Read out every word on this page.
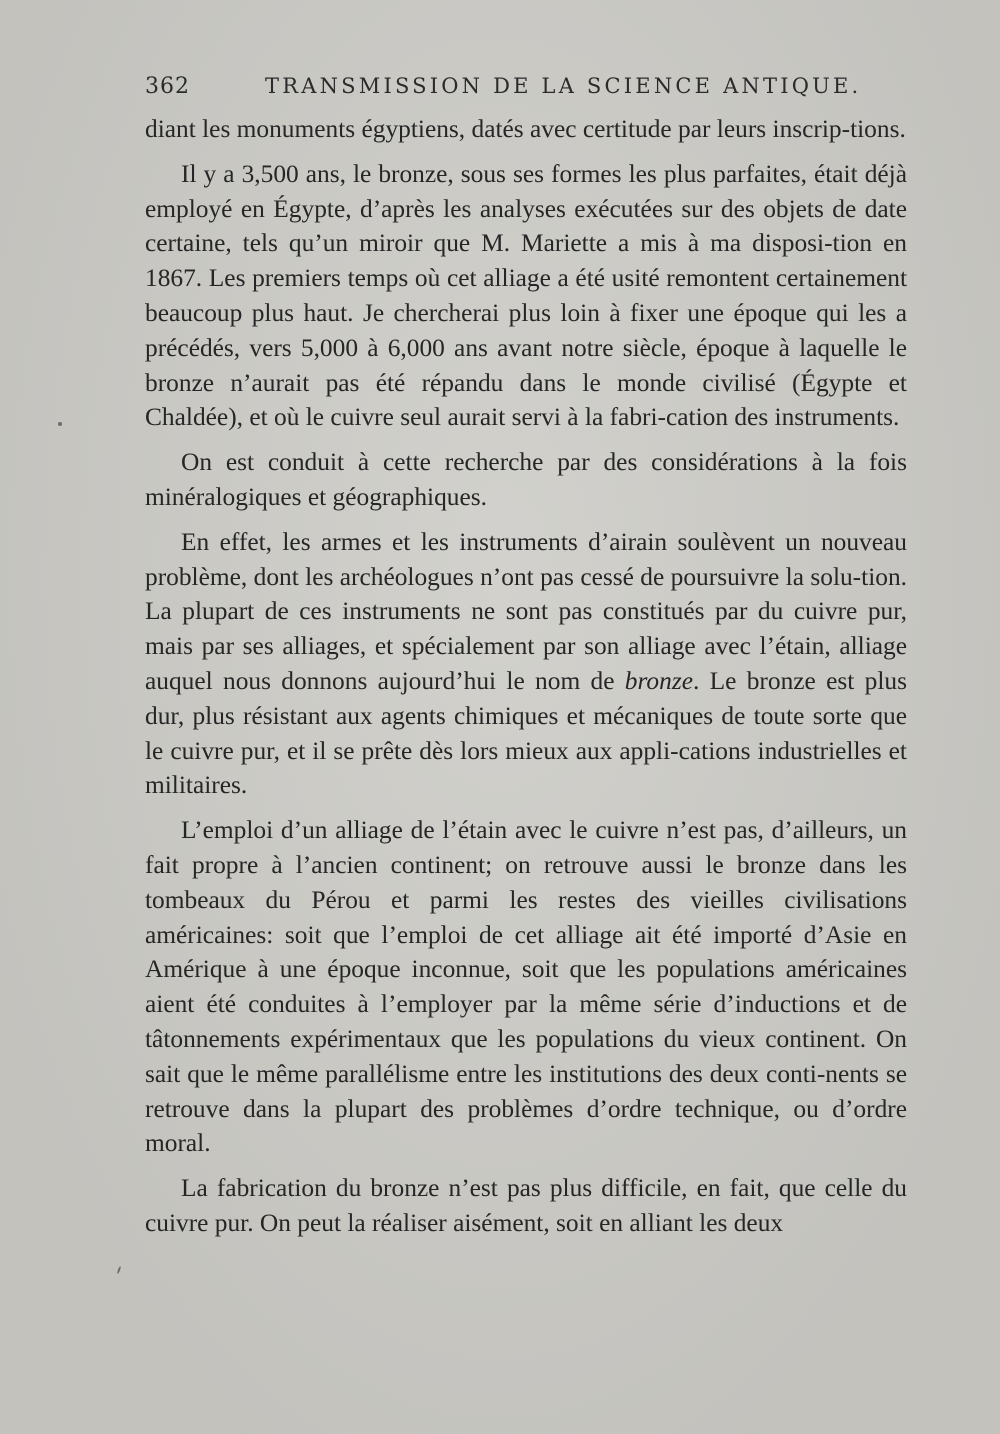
362	TRANSMISSION DE LA SCIENCE ANTIQUE.

diant les monuments égyptiens, datés avec certitude par leurs inscrip-tions.

Il y a 3,500 ans, le bronze, sous ses formes les plus parfaites, était déjà employé en Égypte, d’après les analyses exécutées sur des objets de date certaine, tels qu’un miroir que M. Mariette a mis à ma disposi-tion en 1867. Les premiers temps où cet alliage a été usité remontent certainement beaucoup plus haut. Je chercherai plus loin à fixer une époque qui les a précédés, vers 5,000 à 6,000 ans avant notre siècle, époque à laquelle le bronze n’aurait pas été répandu dans le monde civilisé (Égypte et Chaldée), et où le cuivre seul aurait servi à la fabri-cation des instruments.

On est conduit à cette recherche par des considérations à la fois minéralogiques et géographiques.

En effet, les armes et les instruments d’airain soulèvent un nouveau problème, dont les archéologues n’ont pas cessé de poursuivre la solu-tion. La plupart de ces instruments ne sont pas constitués par du cuivre pur, mais par ses alliages, et spécialement par son alliage avec l’étain, alliage auquel nous donnons aujourd’hui le nom de bronze. Le bronze est plus dur, plus résistant aux agents chimiques et mécaniques de toute sorte que le cuivre pur, et il se prête dès lors mieux aux appli-cations industrielles et militaires.

L’emploi d’un alliage de l’étain avec le cuivre n’est pas, d’ailleurs, un fait propre à l’ancien continent; on retrouve aussi le bronze dans les tombeaux du Pérou et parmi les restes des vieilles civilisations américaines: soit que l’emploi de cet alliage ait été importé d’Asie en Amérique à une époque inconnue, soit que les populations américaines aient été conduites à l’employer par la même série d’inductions et de tâtonnements expérimentaux que les populations du vieux continent. On sait que le même parallélisme entre les institutions des deux conti-nents se retrouve dans la plupart des problèmes d’ordre technique, ou d’ordre moral.

La fabrication du bronze n’est pas plus difficile, en fait, que celle du cuivre pur. On peut la réaliser aisément, soit en alliant les deux
